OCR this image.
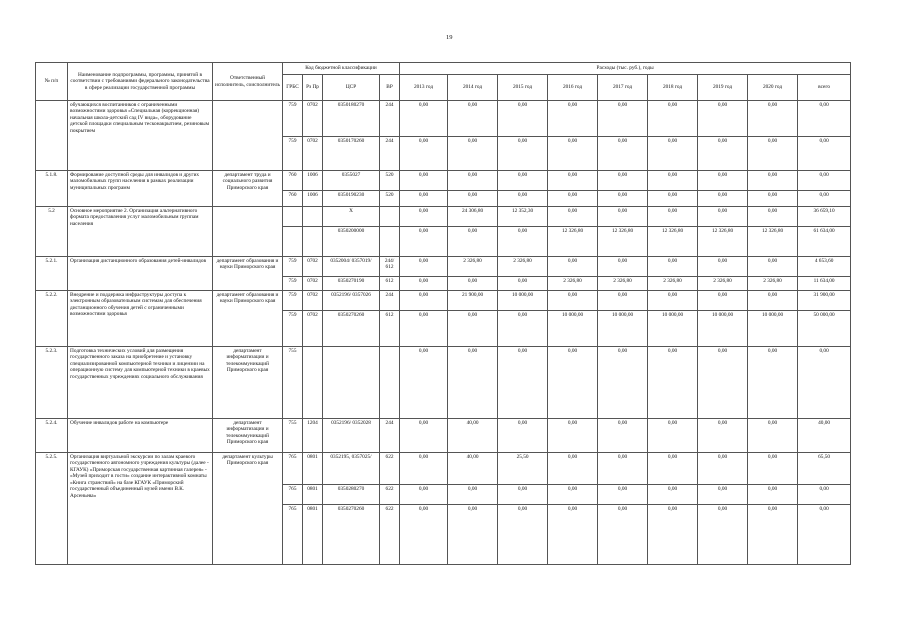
19
№ п/п	Наименование подпрограммы, программы, принятой в соответствии с требованиями федерального законодательства в сфере реализации государственной программы	Ответственный исполнитель, соисполнитель	Код бюджетной классификации				Расходы (тыс. руб.), годы								
			ГРБС	Рз Пр	ЦСР	ВР	2013 год	2014 год	2015 год	2016 год	2017 год	2018 год	2019 год	2020 год	всего
	обучающихся воспитанников с ограниченными возможностями здоровья «Специальная (коррекционная) начальная школа-детский сад IV вида», оборудование детской площадки специальным тесконакрытием, резиновым покрытием		759	0702	0350180270	244	0,00	0,00	0,00	0,00	0,00	0,00	0,00	0,00	0,00
			759	0702	0350170260	244	0,00	0,00	0,00	0,00	0,00	0,00	0,00	0,00	0,00
5.1.8.	Формирование доступной среды для инвалидов и других маломобильных групп населения в рамках реализации муниципальных программ	департамент труда и социального развития Приморского края	760	1006	0355027	520	0,00	0,00	0,00	0,00	0,00	0,00	0,00	0,00	0,00
			760	1006	0350190230	520	0,00	0,00	0,00	0,00	0,00	0,00	0,00	0,00	0,00
5.2	Основное мероприятие 2. Организация альтернативного формата предоставления услуг маломобильным группам населения				X		0,00	24 306,80	12 352,30	0,00	0,00	0,00	0,00	0,00	36 659,10
					0350200000		0,00	0,00	0,00	12 326,80	12 326,80	12 326,80	12 326,80	12 326,80	61 634,00
5.2.1.	Организация дистанционного образования детей-инвалидов	департамент образования и науки Приморского края	759	0702	0352004/ 0357019/	244/ 612	0,00	2 326,80	2 326,80	0,00	0,00	0,00	0,00	0,00	4 653,60
			759	0702	0350270190	612	0,00	0,00	0,00	2 326,80	2 326,80	2 326,80	2 326,80	2 326,80	11 634,00
5.2.2.	Внедрение и поддержка инфраструктуры доступа к электронным образовательным системам для обеспечения дистанционного обучения детей с ограниченными возможностями здоровья	департамент образования и науки Приморского края	759	0702	0352196/ 0357026	244	0,00	21 900,00	10 000,00	0,00	0,00	0,00	0,00	0,00	31 900,00
			759	0702	0350270260	612	0,00	0,00	0,00	10 000,00	10 000,00	10 000,00	10 000,00	10 000,00	50 000,00
5.2.3.	Подготовка технических условий для размещения государственного заказа на приобретение и установку специализированной компьютерной техники и лицензии на операционную систему для компьютерной техники в краевых государственных учреждениях социального обслуживания	департамент информатизации и телекоммуникаций Приморского края	755				0,00	0,00	0,00	0,00	0,00	0,00	0,00	0,00	0,00
5.2.4.	Обучение инвалидов работе на компьютере	департамент информатизации и телекоммуникаций Приморского края	755	1204	0352196/ 0352028	244	0,00	40,00	0,00	0,00	0,00	0,00	0,00	0,00	40,00
5.2.5.	Организация виртуальной экскурсии по залам краевого государственного автономного учреждения культуры (далее - КГАУК) «Приморская государственная картинная галерея» - «Музей приходит в гости» создание интерактивной комнаты «Книга странствий» на базе КГАУК «Приморский государственный объединенный музей имени В.К. Арсеньева»	департамент культуры Приморского края	765	0801	0352195, 0357025/	622	0,00	40,00	25,50	0,00	0,00	0,00	0,00	0,00	65,50
			765	0801	0350280270	622	0,00	0,00	0,00	0,00	0,00	0,00	0,00	0,00	0,00
			765	0801	0350270260	622	0,00	0,00	0,00	0,00	0,00	0,00	0,00	0,00	0,00
